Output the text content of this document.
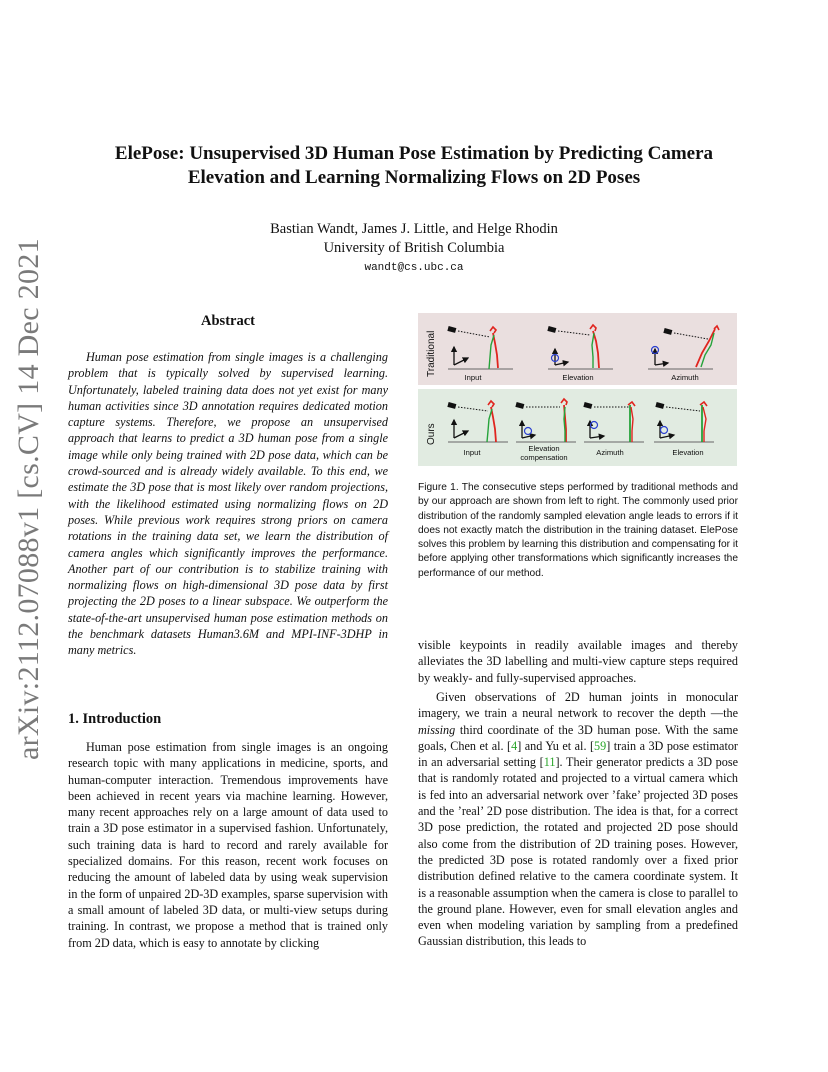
arXiv:2112.07088v1 [cs.CV] 14 Dec 2021
ElePose: Unsupervised 3D Human Pose Estimation by Predicting Camera
Elevation and Learning Normalizing Flows on 2D Poses
Bastian Wandt, James J. Little, and Helge Rhodin
University of British Columbia
wandt@cs.ubc.ca
Abstract
Human pose estimation from single images is a challenging problem that is typically solved by supervised learning. Unfortunately, labeled training data does not yet exist for many human activities since 3D annotation requires dedicated motion capture systems. Therefore, we propose an unsupervised approach that learns to predict a 3D human pose from a single image while only being trained with 2D pose data, which can be crowd-sourced and is already widely available. To this end, we estimate the 3D pose that is most likely over random projections, with the likelihood estimated using normalizing flows on 2D poses. While previous work requires strong priors on camera rotations in the training data set, we learn the distribution of camera angles which significantly improves the performance. Another part of our contribution is to stabilize training with normalizing flows on high-dimensional 3D pose data by first projecting the 2D poses to a linear subspace. We outperform the state-of-the-art unsupervised human pose estimation methods on the benchmark datasets Human3.6M and MPI-INF-3DHP in many metrics.
1. Introduction
Human pose estimation from single images is an ongoing research topic with many applications in medicine, sports, and human-computer interaction. Tremendous improvements have been achieved in recent years via machine learning. However, many recent approaches rely on a large amount of data used to train a 3D pose estimator in a supervised fashion. Unfortunately, such training data is hard to record and rarely available for specialized domains. For this reason, recent work focuses on reducing the amount of labeled data by using weak supervision in the form of unpaired 2D-3D examples, sparse supervision with a small amount of labeled 3D data, or multi-view setups during training. In contrast, we propose a method that is trained only from 2D data, which is easy to annotate by clicking
Traditional
Ours
Input	Elevation	Azimuth
Input	Elevation compensation
Azimuth	Elevation
Figure 1. The consecutive steps performed by traditional methods and by our approach are shown from left to right. The commonly used prior distribution of the randomly sampled elevation angle leads to errors if it does not exactly match the distribution in the training dataset. ElePose solves this problem by learning this distribution and compensating for it before applying other transformations which significantly increases the performance of our method.
visible keypoints in readily available images and thereby alleviates the 3D labelling and multi-view capture steps required by weakly- and fully-supervised approaches.
Given observations of 2D human joints in monocular imagery, we train a neural network to recover the depth —the missing third coordinate of the 3D human pose. With the same goals, Chen et al. [4] and Yu et al. [59] train a 3D pose estimator in an adversarial setting [11]. Their generator predicts a 3D pose that is randomly rotated and projected to a virtual camera which is fed into an adversarial network over ’fake’ projected 3D poses and the ’real’ 2D pose distribution. The idea is that, for a correct 3D pose prediction, the rotated and projected 2D pose should also come from the distribution of 2D training poses. However, the predicted 3D pose is rotated randomly over a fixed prior distribution defined relative to the camera coordinate system. It is a reasonable assumption when the camera is close to parallel to the ground plane. However, even for small elevation angles and even when modeling variation by sampling from a predefined Gaussian distribution, this leads to
